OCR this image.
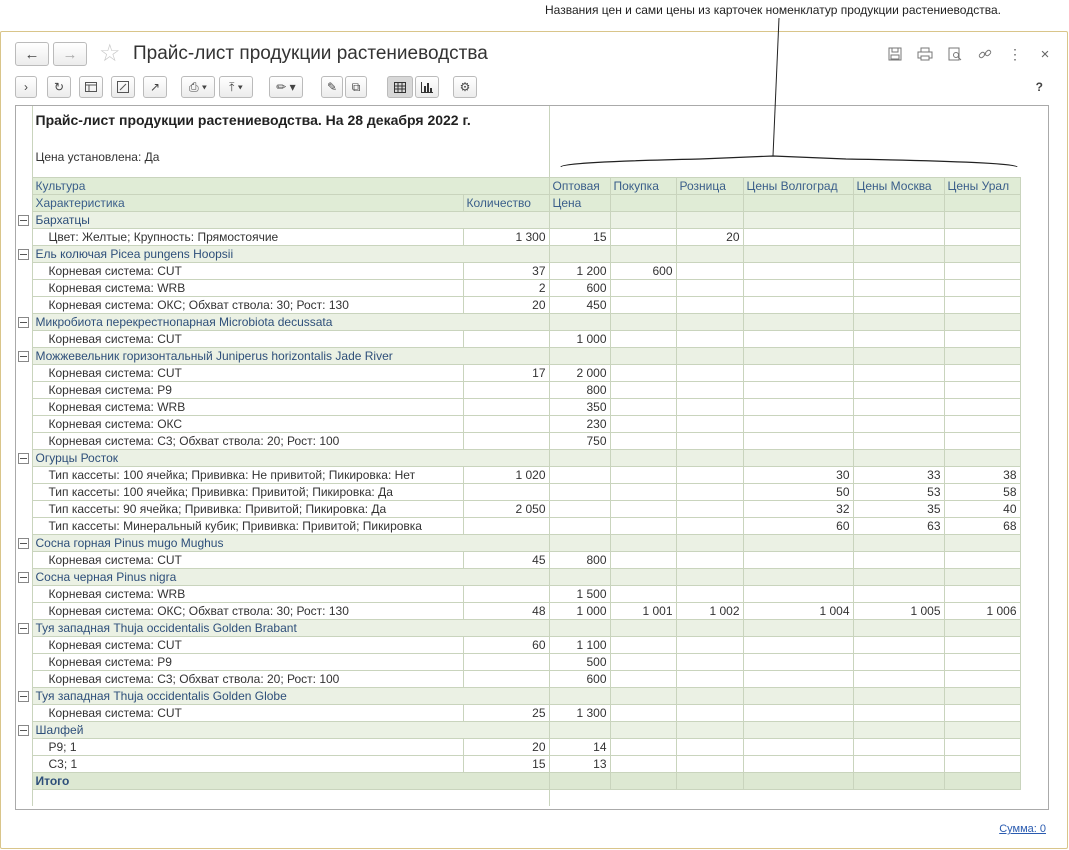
Названия цен и сами цены из карточек номенклатур продукции растениеводства.
← → ☆ Прайс-лист продукции растениеводства	⋮	×
› ↻	↗ ⎙ ▾ ⤒ ▾	✏ ▾	✎ ⧉	⚙	?
	Прайс-лист продукции растениеводства. На 28 декабря 2022 г.							

	Цена установлена: Да							
	Культура		Оптовая	Покупка	Розница	Цены Волгоград	Цены Москва	Цены Урал
	Характеристика	Количество	Цена					
	Бархатцы							
	Цвет: Желтые; Крупность: Прямостоячие	1 300	15		20			
	Ель колючая Picea pungens Hoopsii							
	Корневая система: CUT	37	1 200	600				
	Корневая система: WRB	2	600					
	Корневая система: ОКС; Обхват ствола: 30; Рост: 130	20	450					
	Микробиота перекрестнопарная Microbiota decussata							
	Корневая система: CUT		1 000					
	Можжевельник горизонтальный Juniperus horizontalis Jade River							
	Корневая система: CUT	17	2 000					
	Корневая система: P9		800					
	Корневая система: WRB		350					
	Корневая система: ОКС		230					
	Корневая система: С3; Обхват ствола: 20; Рост: 100		750					
	Огурцы Росток							
	Тип кассеты: 100 ячейка; Прививка: Не привитой; Пикировка: Нет	1 020				30	33	38
	Тип кассеты: 100 ячейка; Прививка: Привитой; Пикировка: Да					50	53	58
	Тип кассеты: 90 ячейка; Прививка: Привитой; Пикировка: Да	2 050				32	35	40
	Тип кассеты: Минеральный кубик; Прививка: Привитой; Пикировка					60	63	68
	Сосна горная Pinus mugo Mughus							
	Корневая система: CUT	45	800					
	Сосна черная Pinus nigra							
	Корневая система: WRB		1 500					
	Корневая система: ОКС; Обхват ствола: 30; Рост: 130	48	1 000	1 001	1 002	1 004	1 005	1 006
	Туя западная Thuja occidentalis Golden Brabant							
	Корневая система: CUT	60	1 100					
	Корневая система: P9		500					
	Корневая система: С3; Обхват ствола: 20; Рост: 100		600					
	Туя западная Thuja occidentalis Golden Globe							
	Корневая система: CUT	25	1 300					
	Шалфей							
	P9; 1	20	14					
	С3; 1	15	13					
	Итого							

Сумма: 0
